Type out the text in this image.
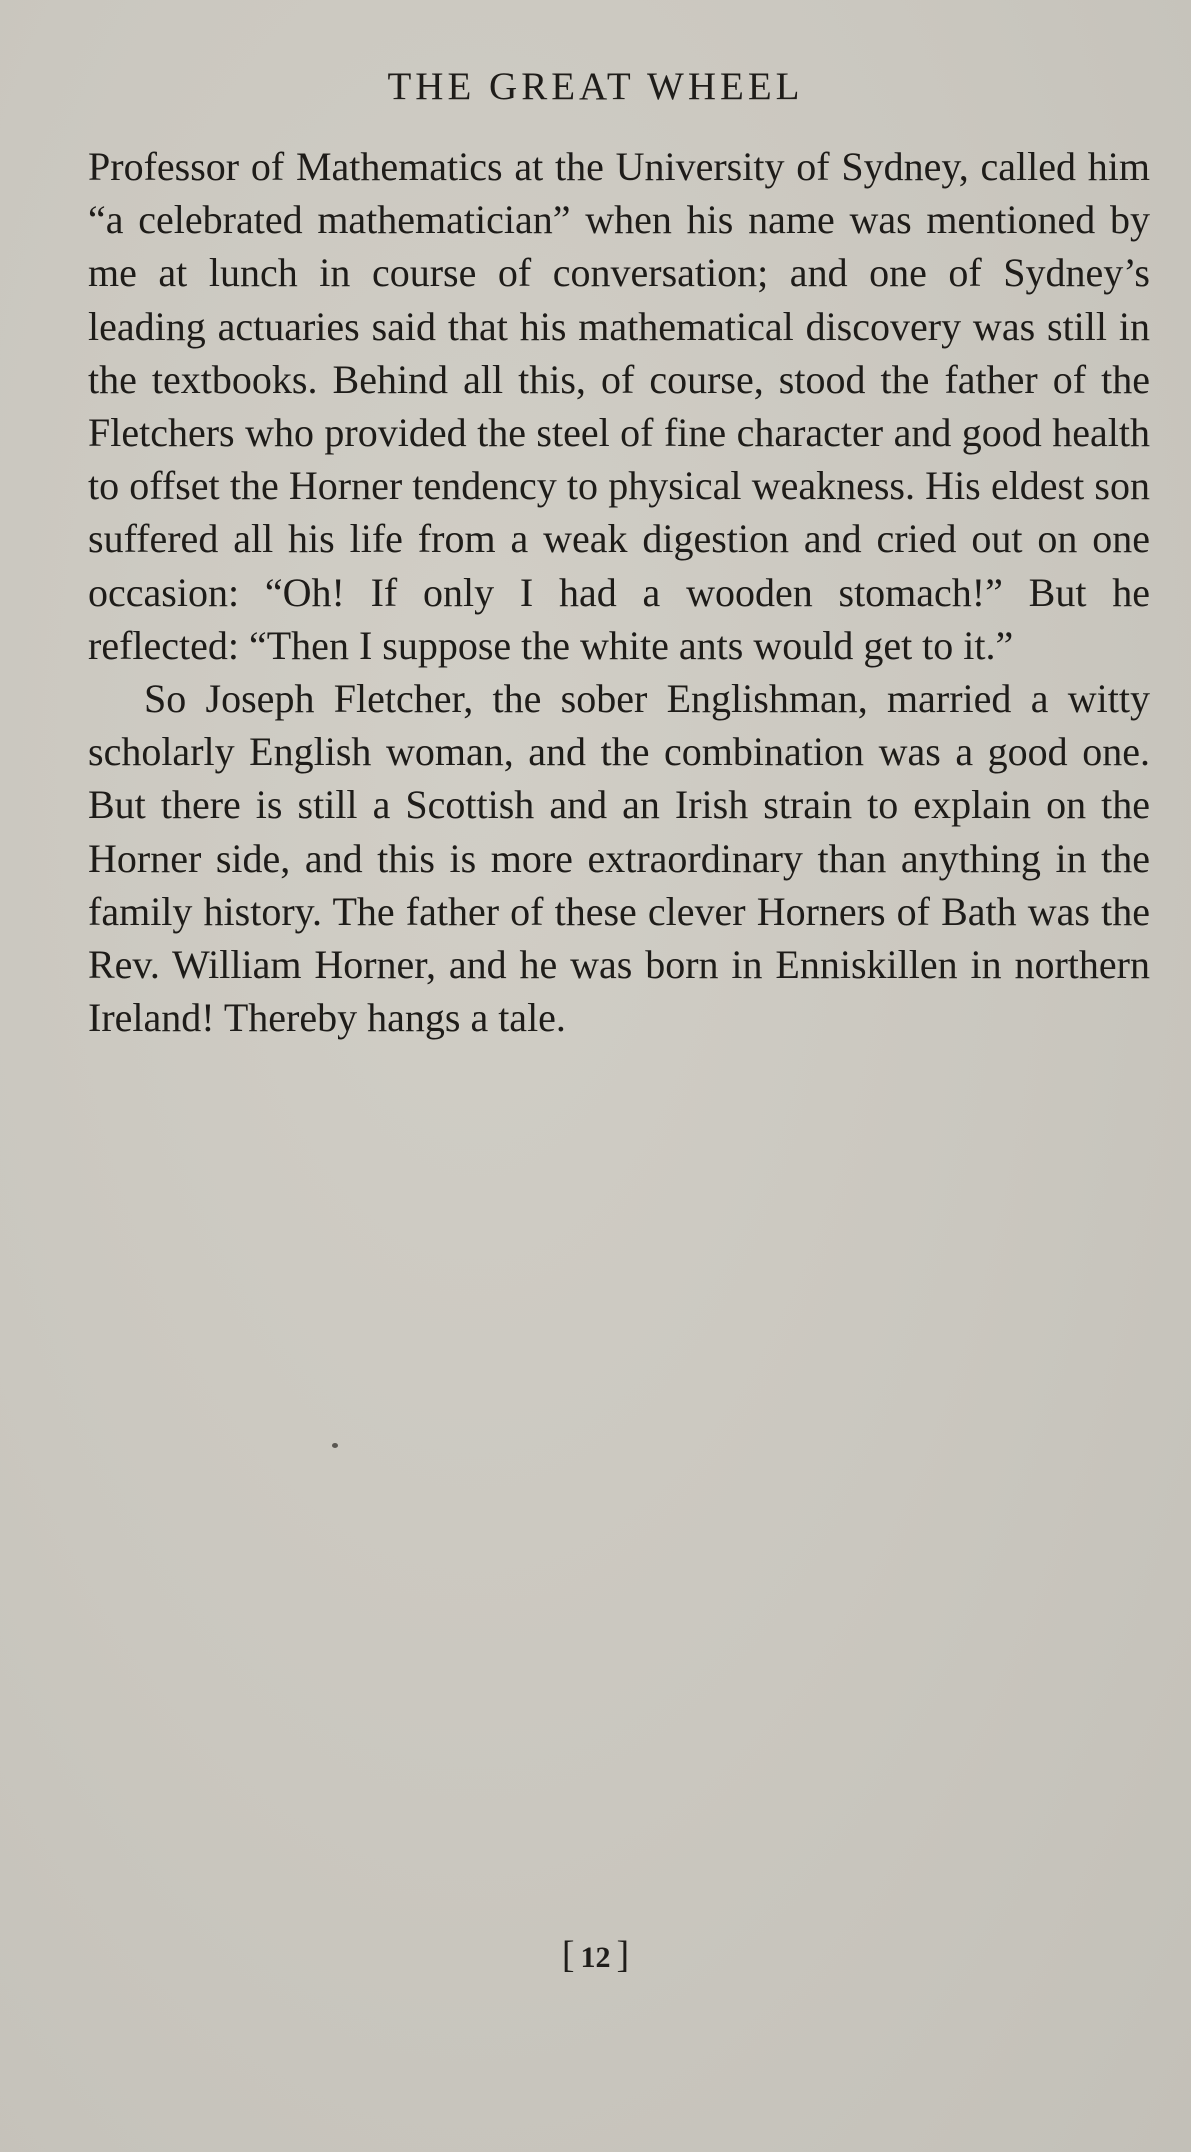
THE GREAT WHEEL

Professor of Mathematics at the University of Sydney, called him “a celebrated mathematician” when his name was mentioned by me at lunch in course of conversation; and one of Sydney’s leading actuaries said that his mathematical discovery was still in the textbooks. Behind all this, of course, stood the father of the Fletchers who provided the steel of fine character and good health to offset the Horner tendency to physical weakness. His eldest son suffered all his life from a weak digestion and cried out on one occasion: “Oh! If only I had a wooden stomach!” But he reflected: “Then I suppose the white ants would get to it.”

So Joseph Fletcher, the sober Englishman, married a witty scholarly English woman, and the combination was a good one. But there is still a Scottish and an Irish strain to explain on the Horner side, and this is more extraordinary than anything in the family history. The father of these clever Horners of Bath was the Rev. William Horner, and he was born in Enniskillen in northern Ireland! Thereby hangs a tale.

[ 12 ]
